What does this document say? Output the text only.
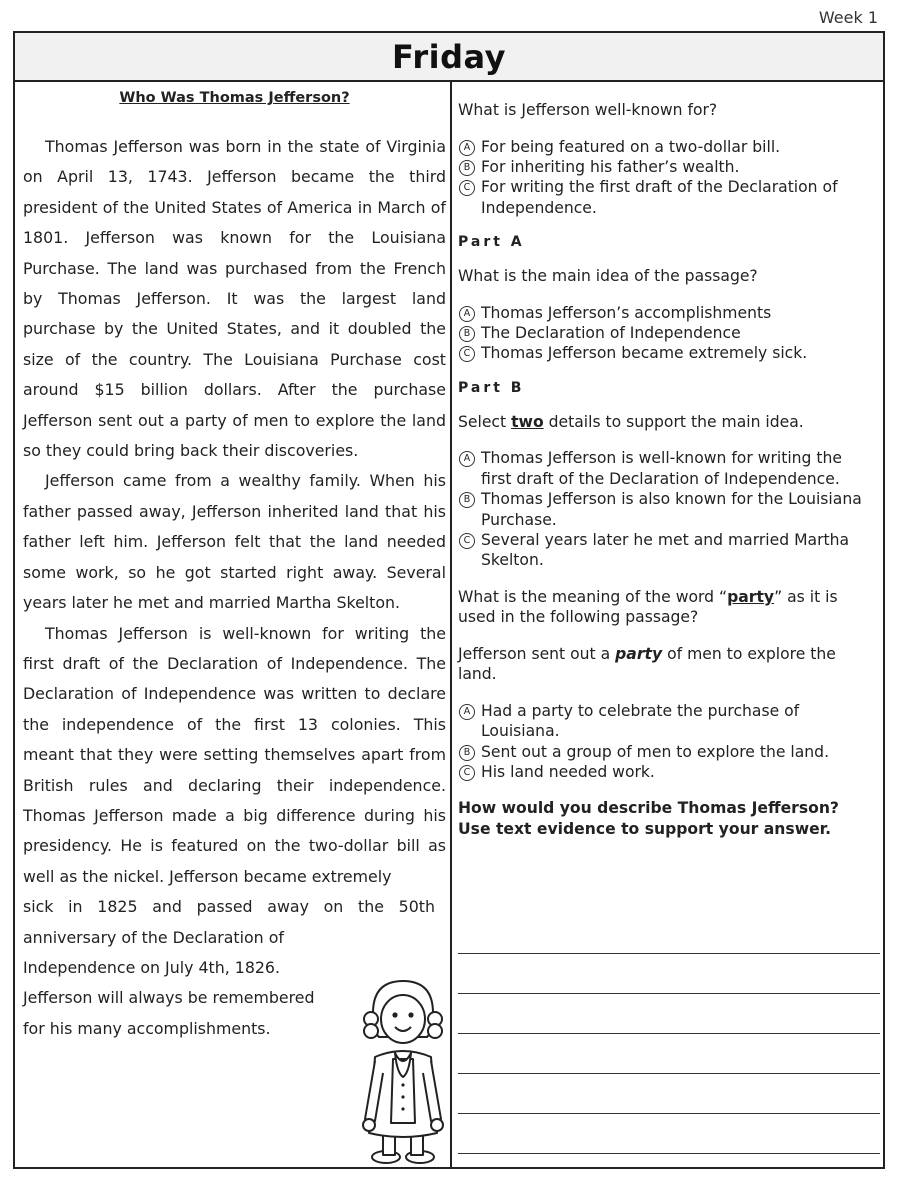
Week 1
Friday
Who Was Thomas Jefferson?

Thomas Jefferson was born in the state of Virginia on April 13, 1743. Jefferson became the third president of the United States of America in March of 1801. Jefferson was known for the Louisiana Purchase. The land was purchased from the French by Thomas Jefferson. It was the largest land purchase by the United States, and it doubled the size of the country. The Louisiana Purchase cost around $15 billion dollars. After the purchase Jefferson sent out a party of men to explore the land so they could bring back their discoveries.

Jefferson came from a wealthy family. When his father passed away, Jefferson inherited land that his father left him. Jefferson felt that the land needed some work, so he got started right away. Several years later he met and married Martha Skelton.

Thomas Jefferson is well-known for writing the first draft of the Declaration of Independence. The Declaration of Independence was written to declare the independence of the first 13 colonies. This meant that they were setting themselves apart from British rules and declaring their independence. Thomas Jefferson made a big difference during his presidency. He is featured on the two-dollar bill as well as the nickel. Jefferson became extremely

sick in 1825 and passed away on the 50th
anniversary of the Declaration of
Independence on July 4th, 1826.
Jefferson will always be remembered
for his many accomplishments.
What is Jefferson well-known for?
A For being featured on a two-dollar bill.
B For inheriting his father’s wealth.
C For writing the first draft of the Declaration of Independence.
Part A
What is the main idea of the passage?
A Thomas Jefferson’s accomplishments
B The Declaration of Independence
C Thomas Jefferson became extremely sick.
Part B
Select two details to support the main idea.
A Thomas Jefferson is well-known for writing the first draft of the Declaration of Independence.
B Thomas Jefferson is also known for the Louisiana Purchase.
C Several years later he met and married Martha Skelton.
What is the meaning of the word “party” as it is used in the following passage?
Jefferson sent out a party of men to explore the land.
A Had a party to celebrate the purchase of Louisiana.
B Sent out a group of men to explore the land.
C His land needed work.
How would you describe Thomas Jefferson? Use text evidence to support your answer.
